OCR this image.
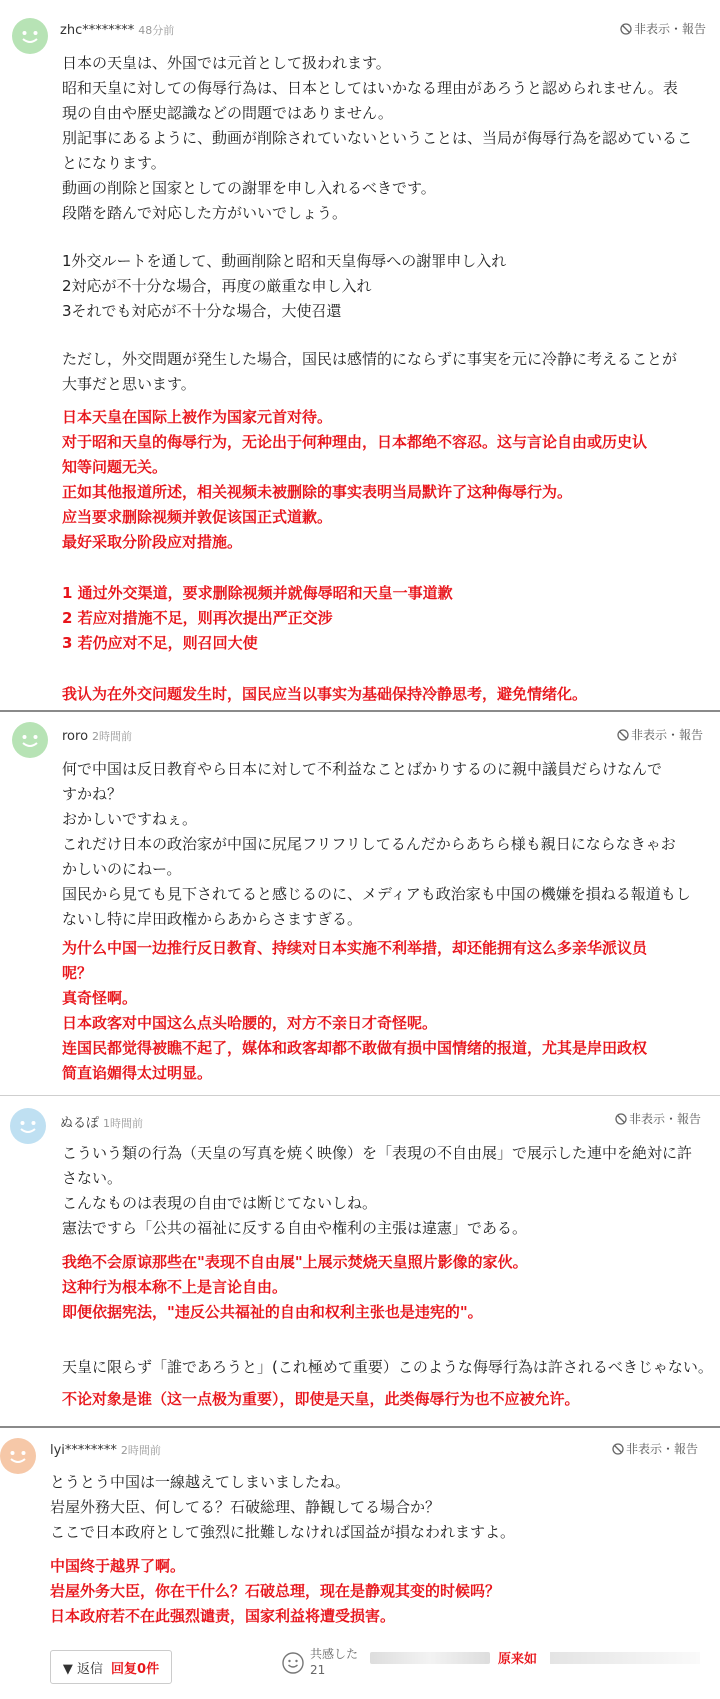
zhc******** 48分前	非表示・報告
日本の天皇は、外国では元首として扱われます。
昭和天皇に対しての侮辱行為は、日本としてはいかなる理由があろうと認められません。表
現の自由や歴史認識などの問題ではありません。
別記事にあるように、動画が削除されていないということは、当局が侮辱行為を認めているこ
とになります。
動画の削除と国家としての謝罪を申し入れるべきです。
段階を踏んで対応した方がいいでしょう。
1外交ルートを通して、動画削除と昭和天皇侮辱への謝罪申し入れ
2対応が不十分な場合，再度の厳重な申し入れ
3それでも対応が不十分な場合，大使召還
ただし，外交問題が発生した場合，国民は感情的にならずに事実を元に冷静に考えることが
大事だと思います。
日本天皇在国际上被作为国家元首对待。
对于昭和天皇的侮辱行为，无论出于何种理由，日本都绝不容忍。这与言论自由或历史认
知等问题无关。
正如其他报道所述，相关视频未被删除的事实表明当局默许了这种侮辱行为。
应当要求删除视频并敦促该国正式道歉。
最好采取分阶段应对措施。
1 通过外交渠道，要求删除视频并就侮辱昭和天皇一事道歉
2 若应对措施不足，则再次提出严正交涉
3 若仍应对不足，则召回大使
我认为在外交问题发生时，国民应当以事实为基础保持冷静思考，避免情绪化。
roro 2時間前	非表示・報告
何で中国は反日教育やら日本に対して不利益なことばかりするのに親中議員だらけなんで
すかね？
おかしいですねぇ。
これだけ日本の政治家が中国に尻尾フリフリしてるんだからあちら様も親日にならなきゃお
かしいのにねー。
国民から見ても見下されてると感じるのに、メディアも政治家も中国の機嫌を損ねる報道もし
ないし特に岸田政権からあからさますぎる。
为什么中国一边推行反日教育、持续对日本实施不利举措，却还能拥有这么多亲华派议员
呢？
真奇怪啊。
日本政客对中国这么点头哈腰的，对方不亲日才奇怪呢。
连国民都觉得被瞧不起了，媒体和政客却都不敢做有损中国情绪的报道，尤其是岸田政权
简直谄媚得太过明显。
ぬるぽ 1時間前	非表示・報告
こういう類の行為（天皇の写真を焼く映像）を「表現の不自由展」で展示した連中を絶対に許
さない。
こんなものは表現の自由では断じてないしね。
憲法ですら「公共の福祉に反する自由や権利の主張は違憲」である。
我绝不会原谅那些在"表现不自由展"上展示焚烧天皇照片影像的家伙。
这种行为根本称不上是言论自由。
即便依据宪法，"违反公共福祉的自由和权利主张也是违宪的"。
天皇に限らず「誰であろうと」(これ極めて重要）このような侮辱行為は許されるべきじゃない。
不论对象是谁（这一点极为重要），即使是天皇，此类侮辱行为也不应被允许。
lyi******** 2時間前	非表示・報告
とうとう中国は一線越えてしまいましたね。
岩屋外務大臣、何してる？石破総理、静観してる場合か？
ここで日本政府として強烈に批難しなければ国益が損なわれますよ。
中国终于越界了啊。
岩屋外务大臣，你在干什么？石破总理，现在是静观其变的时候吗？
日本政府若不在此强烈谴责，国家利益将遭受损害。
▼ 返信 回复0件
共感した
21
原来如
